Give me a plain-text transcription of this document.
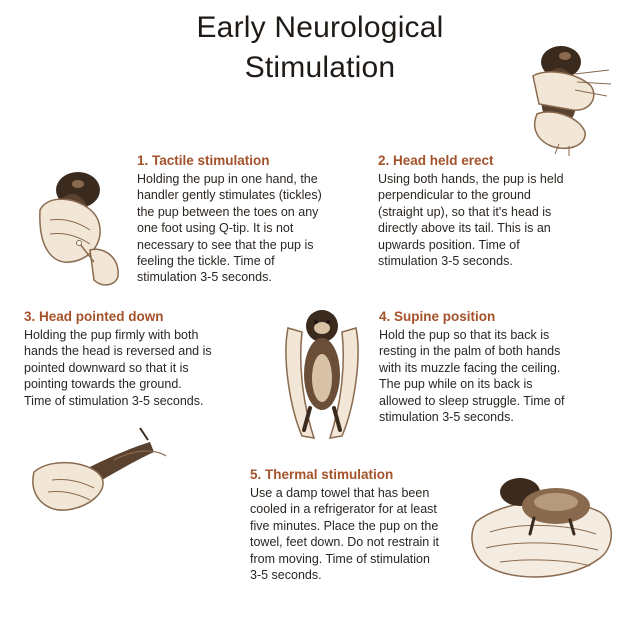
Early Neurological
Stimulation
1. Tactile stimulation
Holding the pup in one hand, the
handler gently stimulates (tickles)
the pup between the toes on any
one foot using Q-tip. It is not
necessary to see that the pup is
feeling the tickle. Time of
stimulation 3-5 seconds.
2. Head held erect
Using both hands, the pup is held
perpendicular to the ground
(straight up), so that it's head is
directly above its tail. This is an
upwards position. Time of
stimulation 3-5 seconds.
3. Head pointed down
Holding the pup firmly with both
hands the head is reversed and is
pointed downward so that it is
pointing towards the ground.
Time of stimulation 3-5 seconds.
4. Supine position
Hold the pup so that its back is
resting in the palm of both hands
with its muzzle facing the ceiling.
The pup while on its back is
allowed to sleep struggle. Time of
stimulation 3-5 seconds.
5. Thermal stimulation
Use a damp towel that has been
cooled in a refrigerator for at least
five minutes. Place the pup on the
towel, feet down. Do not restrain it
from moving. Time of stimulation
3-5 seconds.
